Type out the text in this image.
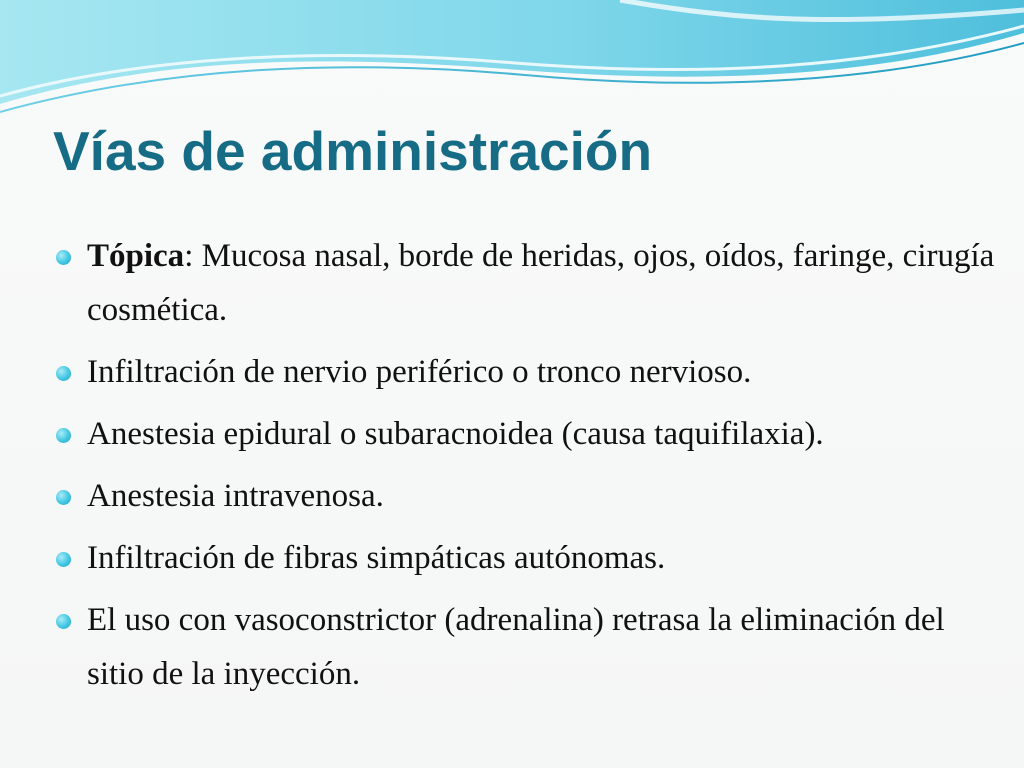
Vías de administración
Tópica: Mucosa nasal, borde de heridas, ojos, oídos, faringe, cirugía cosmética.
Infiltración de nervio periférico o tronco nervioso.
Anestesia epidural o subaracnoidea (causa taquifilaxia).
Anestesia intravenosa.
Infiltración de fibras simpáticas autónomas.
El uso con vasoconstrictor (adrenalina) retrasa la eliminación del sitio de la inyección.
